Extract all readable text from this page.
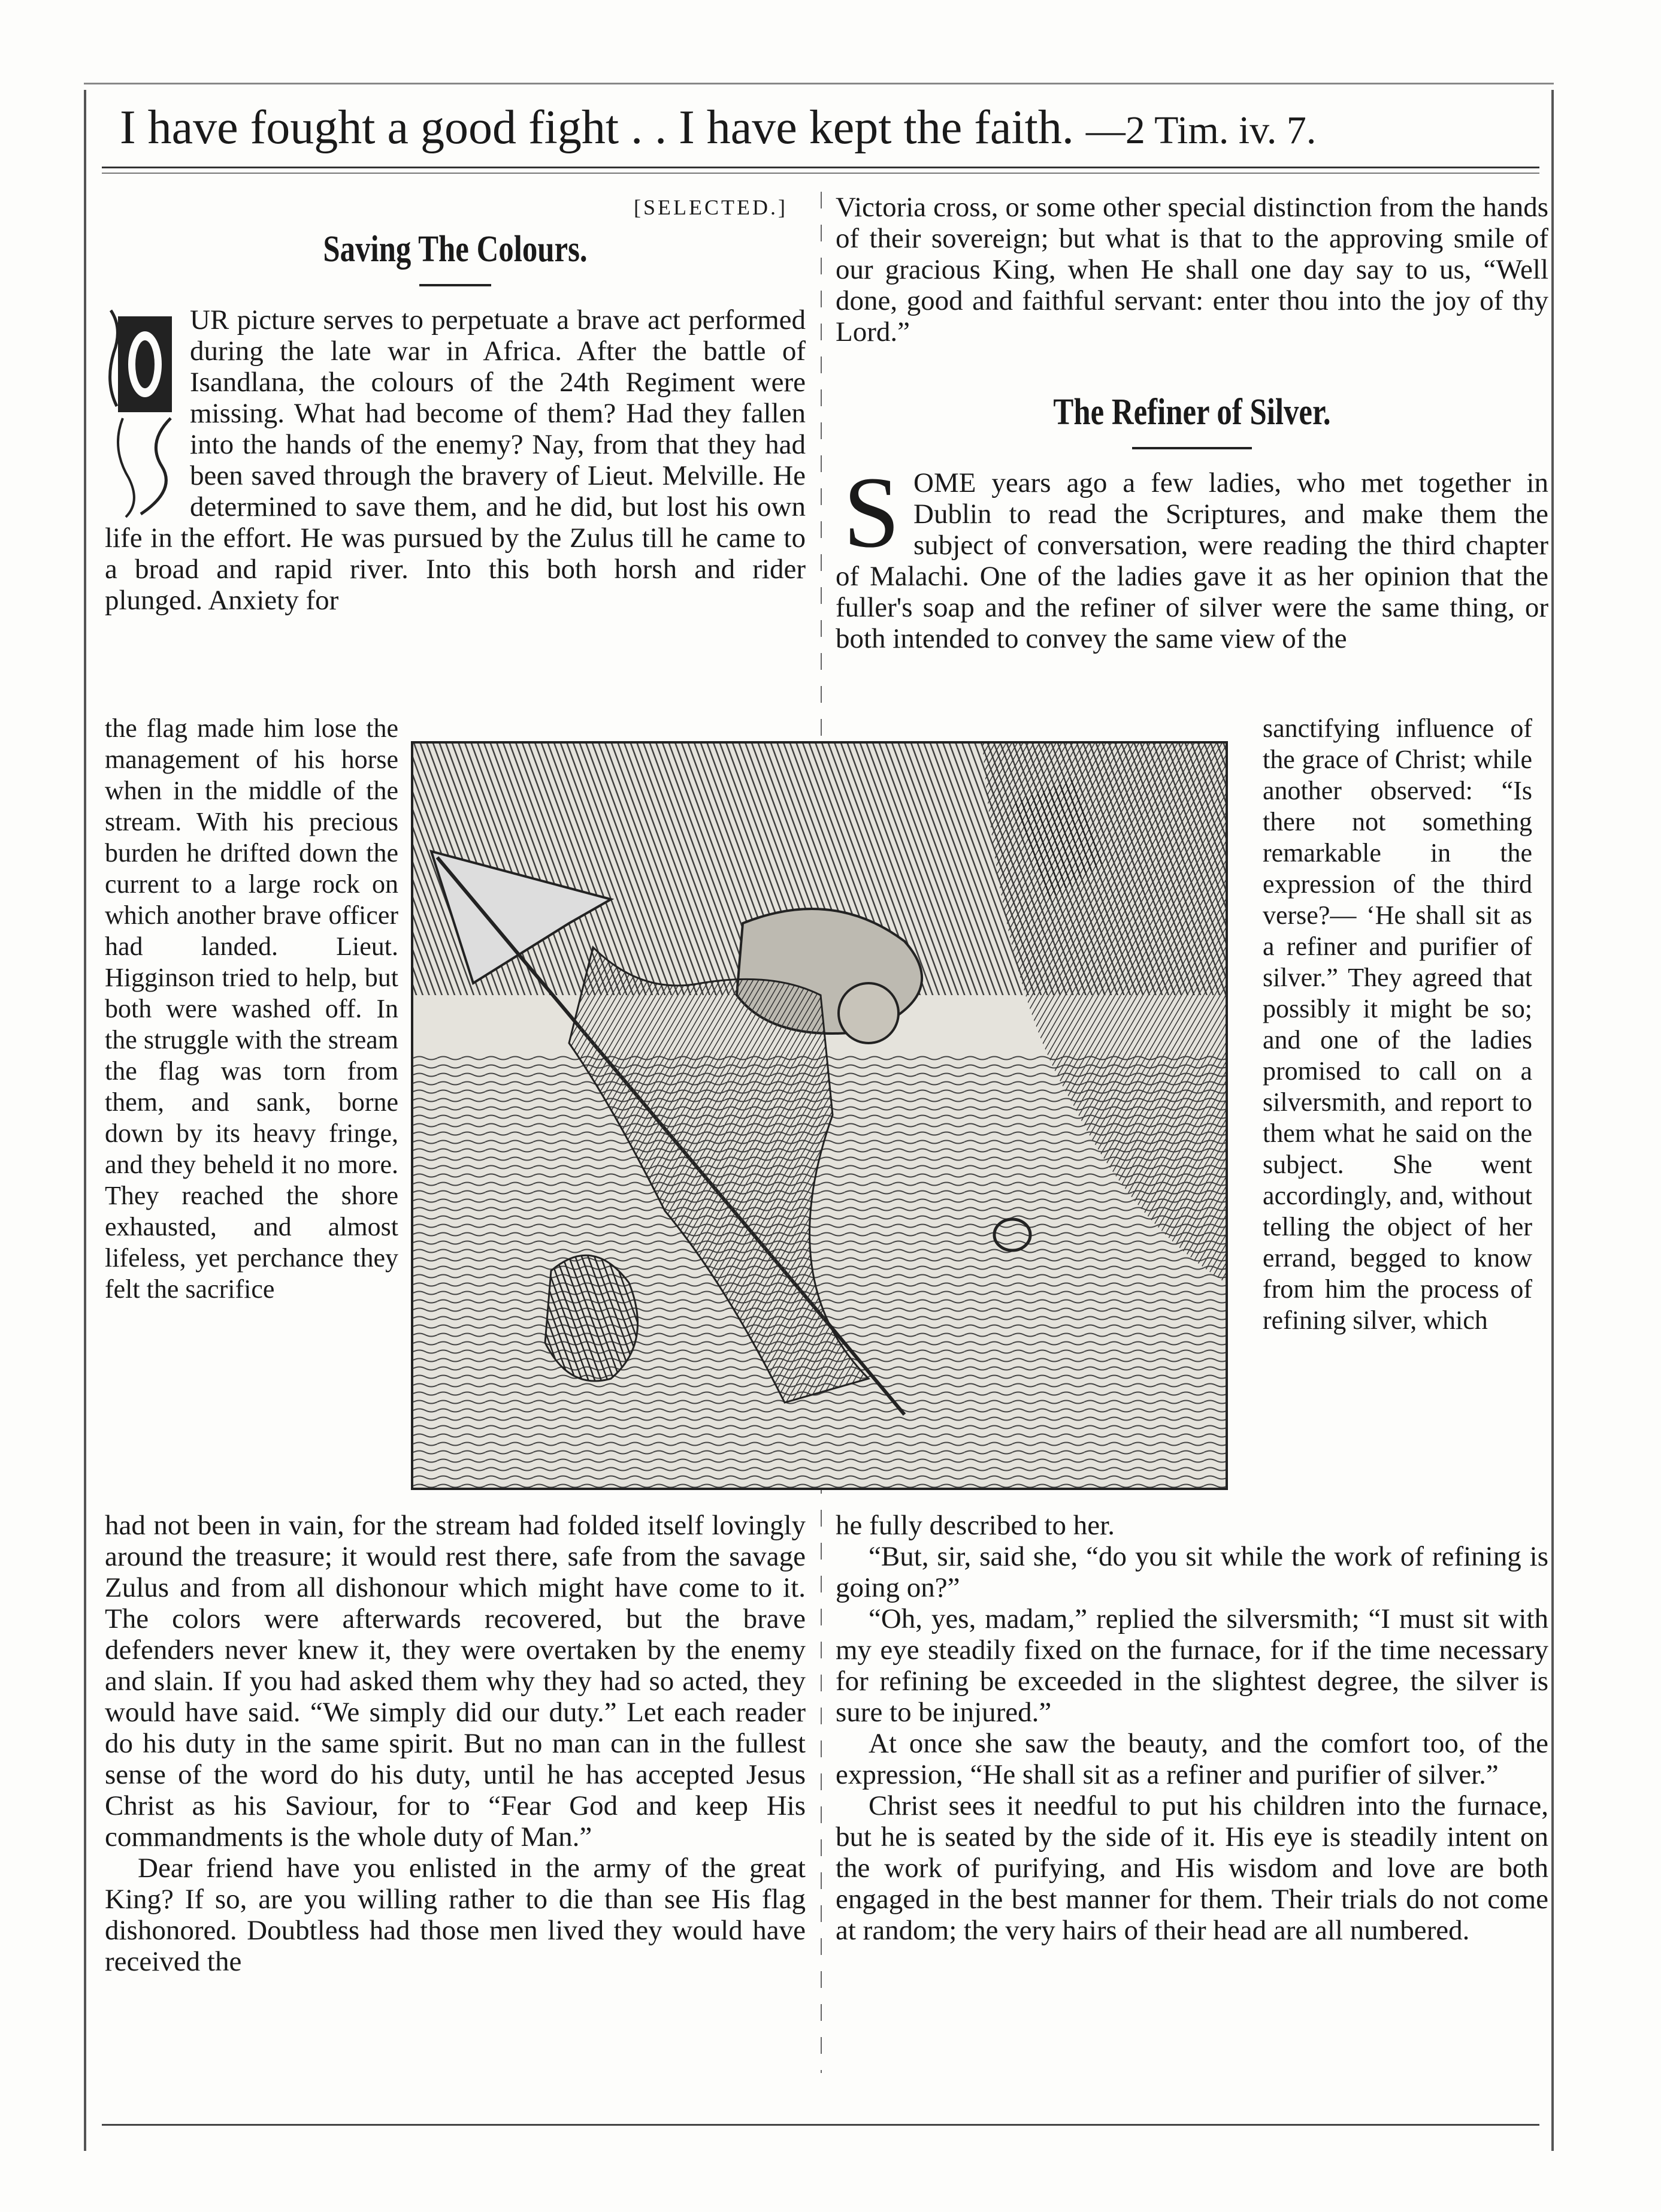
I have fought a good fight . . I have kept the faith. —2 Tim. iv. 7.
[SELECTED.]
Saving The Colours.

UR picture serves to perpetuate a brave act performed during the late war in Africa. After the battle of Isandlana, the colours of the 24th Regiment were missing. What had become of them? Had they fallen into the hands of the enemy? Nay, from that they had been saved through the bravery of Lieut. Melville. He determined to save them, and he did, but lost his own life in the effort. He was pursued by the Zulus till he came to a broad and rapid river. Into this both horsh and rider plunged. Anxiety for

the flag made him lose the management of his horse when in the middle of the stream. With his precious burden he drifted down the current to a large rock on which another brave officer had landed. Lieut. Higginson tried to help, but both were washed off. In the struggle with the stream the flag was torn from them, and sank, borne down by its heavy fringe, and they beheld it no more. They reached the shore exhausted, and almost lifeless, yet perchance they felt the sacrifice

had not been in vain, for the stream had folded itself lovingly around the treasure; it would rest there, safe from the savage Zulus and from all dishonour which might have come to it. The colors were afterwards recovered, but the brave defenders never knew it, they were overtaken by the enemy and slain. If you had asked them why they had so acted, they would have said. “We simply did our duty.” Let each reader do his duty in the same spirit. But no man can in the fullest sense of the word do his duty, until he has accepted Jesus Christ as his Saviour, for to “Fear God and keep His commandments is the whole duty of Man.”

Dear friend have you enlisted in the army of the great King? If so, are you willing rather to die than see His flag dishonored. Doubtless had those men lived they would have received the

Victoria cross, or some other special distinction from the hands of their sovereign; but what is that to the approving smile of our gracious King, when He shall one day say to us, “Well done, good and faithful servant: enter thou into the joy of thy Lord.”

The Refiner of Silver.

S OME years ago a few ladies, who met together in Dublin to read the Scriptures, and make them the subject of conversation, were reading the third chapter of Malachi. One of the ladies gave it as her opinion that the fuller's soap and the refiner of silver were the same thing, or both intended to convey the same view of the

sanctifying influence of the grace of Christ; while another observed: “Is there not something remarkable in the expression of the third verse?— ‘He shall sit as a refiner and purifier of silver.” They agreed that possibly it might be so; and one of the ladies promised to call on a silversmith, and report to them what he said on the subject. She went accordingly, and, without telling the object of her errand, begged to know from him the process of refining silver, which

he fully described to her.

“But, sir, said she, “do you sit while the work of refining is going on?”

“Oh, yes, madam,” replied the silversmith; “I must sit with my eye steadily fixed on the furnace, for if the time necessary for refining be exceeded in the slightest degree, the silver is sure to be injured.”

At once she saw the beauty, and the comfort too, of the expression, “He shall sit as a refiner and purifier of silver.”

Christ sees it needful to put his children into the furnace, but he is seated by the side of it. His eye is steadily intent on the work of purifying, and His wisdom and love are both engaged in the best manner for them. Their trials do not come at random; the very hairs of their head are all numbered.
